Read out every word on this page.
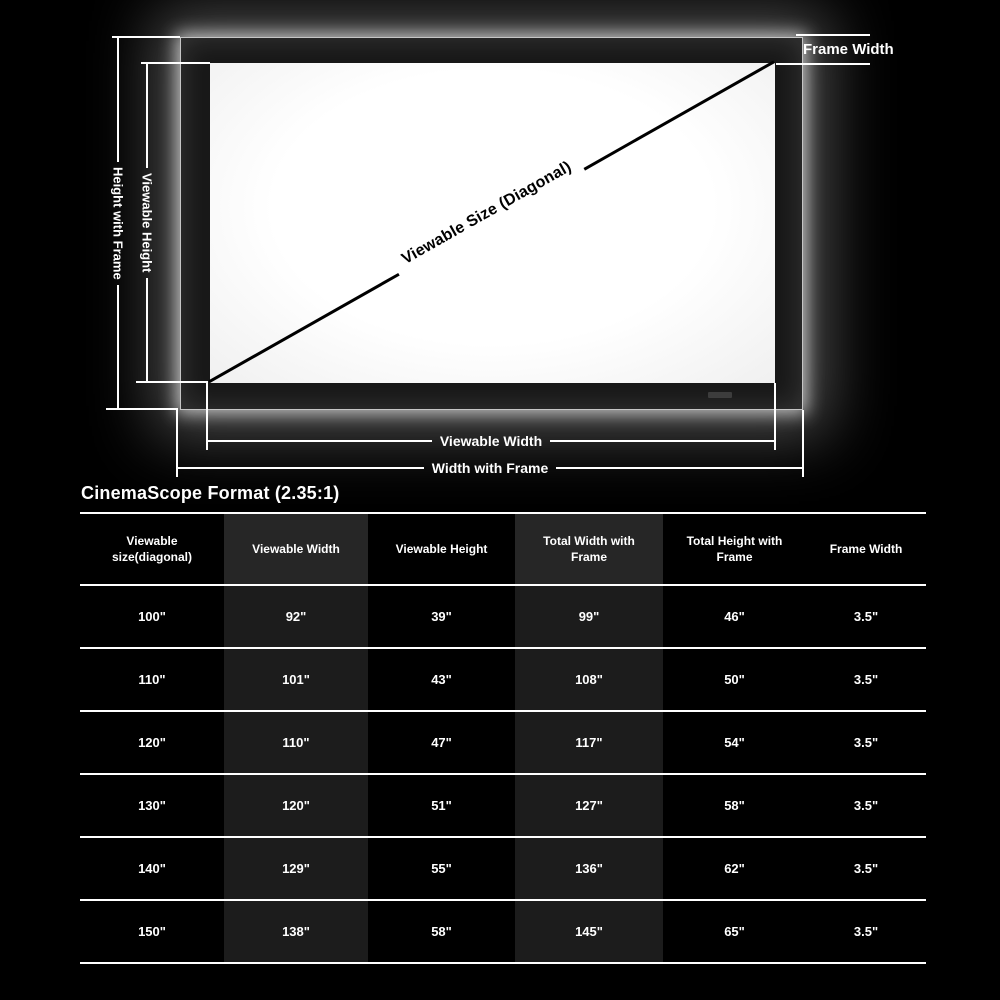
Viewable Size (Diagonal)
Height with Frame Viewable Height
Viewable Width
Width with Frame
Frame Width
CinemaScope Format (2.35:1)
Viewable size(diagonal)	Viewable Width	Viewable Height	Total Width with Frame	Total Height with Frame	Frame Width
100"	92"	39"	99"	46"	3.5"
110"	101"	43"	108"	50"	3.5"
120"	110"	47"	117"	54"	3.5"
130"	120"	51"	127"	58"	3.5"
140"	129"	55"	136"	62"	3.5"
150"	138"	58"	145"	65"	3.5"
